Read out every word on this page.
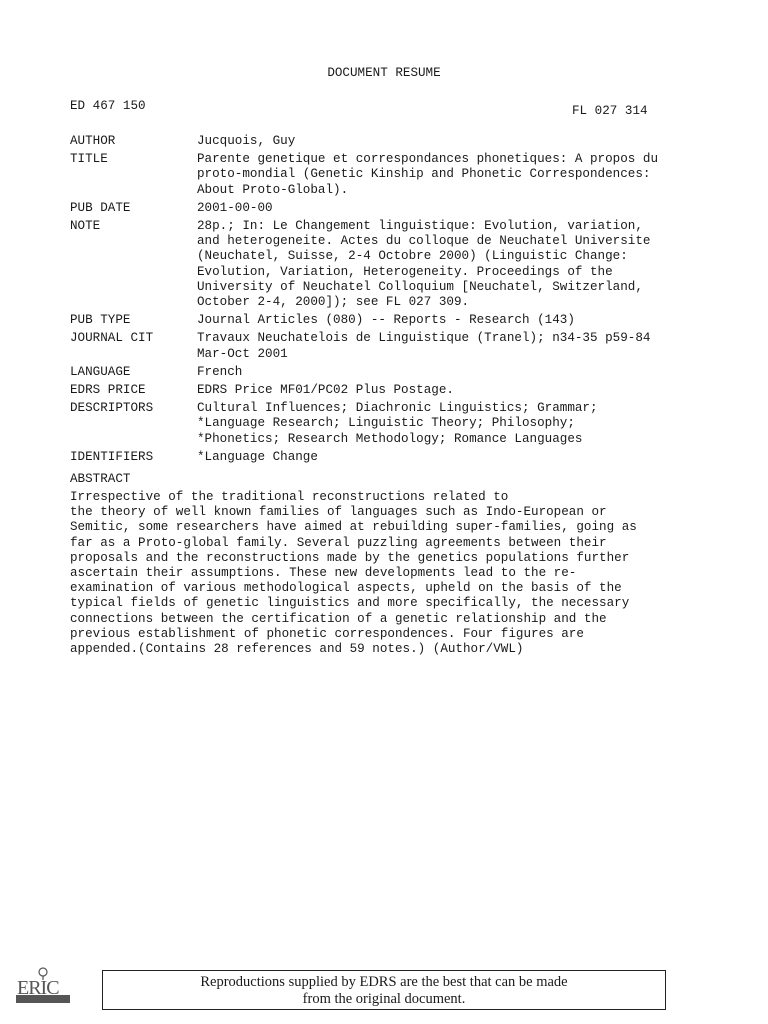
DOCUMENT RESUME
ED 467 150	FL 027 314
AUTHOR	Jucquois, Guy
TITLE	Parente genetique et correspondances phonetiques: A propos du
proto-mondial (Genetic Kinship and Phonetic Correspondences:
About Proto-Global).
PUB DATE	2001-00-00
NOTE	28p.; In: Le Changement linguistique: Evolution, variation,
and heterogeneite. Actes du colloque de Neuchatel Universite
(Neuchatel, Suisse, 2-4 Octobre 2000) (Linguistic Change:
Evolution, Variation, Heterogeneity. Proceedings of the
University of Neuchatel Colloquium [Neuchatel, Switzerland,
October 2-4, 2000]); see FL 027 309.
PUB TYPE	Journal Articles (080) -- Reports - Research (143)
JOURNAL CIT	Travaux Neuchatelois de Linguistique (Tranel); n34-35 p59-84
Mar-Oct 2001
LANGUAGE	French
EDRS PRICE	EDRS Price MF01/PC02 Plus Postage.
DESCRIPTORS	Cultural Influences; Diachronic Linguistics; Grammar;
*Language Research; Linguistic Theory; Philosophy;
*Phonetics; Research Methodology; Romance Languages
IDENTIFIERS	*Language Change
ABSTRACT
Irrespective of the traditional reconstructions related to
the theory of well known families of languages such as Indo-European or
Semitic, some researchers have aimed at rebuilding super-families, going as
far as a Proto-global family. Several puzzling agreements between their
proposals and the reconstructions made by the genetics populations further
ascertain their assumptions. These new developments lead to the re-
examination of various methodological aspects, upheld on the basis of the
typical fields of genetic linguistics and more specifically, the necessary
connections between the certification of a genetic relationship and the
previous establishment of phonetic correspondences. Four figures are
appended.(Contains 28 references and 59 notes.) (Author/VWL)
ERIC	Reproductions supplied by EDRS are the best that can be made
from the original document.
